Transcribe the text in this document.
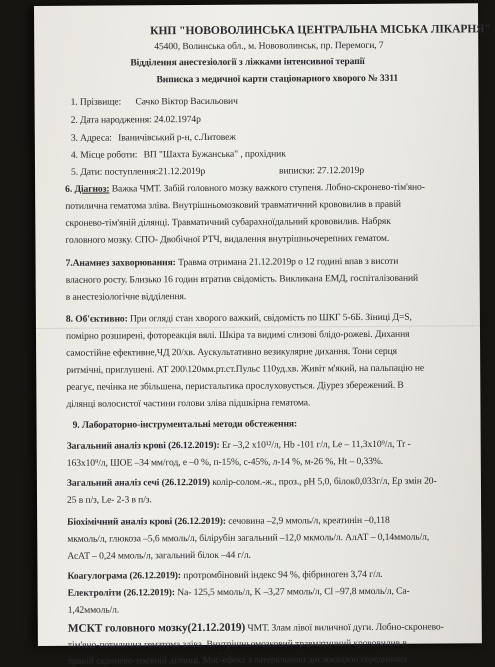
КНП "НОВОВОЛИНСЬКА ЦЕНТРАЛЬНА МІСЬКА ЛІКАРНЯ"
45400, Волинська обл., м. Нововолинськ, пр. Перемоги, 7
Відділення анестезіології з ліжками інтенсивної терапії
Виписка з медичної карти стаціонарного хворого № 3311
1. Прізвище: Сачко Віктор Васильович
2. Дата народження: 24.02.1974р
3. Адреса: Іваничівський р-н, с.Литовеж
4. Місце роботи: ВП "Шахта Бужанська" , прохідник
5. Дати: поступлення:21.12.2019р	виписки: 27.12.2019р
6. Діагноз: Важка ЧМТ. Забій головного мозку важкого ступеня. Лобно-скронево-тім'яно-
потилична гематома зліва. Внутрішньомозковий травматичний крововилив в правій
скронево-тім'яній ділянці. Травматичний субарахноїдальний крововилив. Набряк
головного мозку. СПО- Двобічної РТЧ, видалення внутрішньочерепних гематом.
7.Анамнез захворювання: Травма отримана 21.12.2019р о 12 годині впав з висоти
власного росту. Близько 16 годин втратив свідомість. Викликана ЕМД, госпіталізований
в анестезіологічне відділення.
8. Об'єктивно: При огляді стан хворого важкий, свідомість по ШКГ 5-6Б. Зіниці Д=S,
помірно розширені, фотореакція вялі. Шкіра та видимі слизові блідо-рожеві. Дихання
самостійне ефективне,ЧД 20/хв. Аускультативно везикулярне дихання. Тони серця
ритмічні, приглушені. АТ 200\120мм.рт.ст.Пульс 110уд.хв. Живіт м'який, на пальпацію не
реагує, печінка не збільшена, перистальтика прослуховується. Діурез збережений. В
ділянці волосистої частини голови зліва підшкірна гематома.
9. Лабораторно-інструментальні методи обстеження:
Загальний аналіз крові (26.12.2019): Er –3,2 х10¹²/л, Hb -101 г/л, Le – 11,3х10⁹/л, Tr -
163х10⁹/л, ШОЕ –34 мм/год, е –0 %, п-15%, с-45%, л-14 %, м-26 %, Ht – 0,33%.
Загальний аналіз сечі (26.12.2019) колір-солом.-ж., проз., рН 5,0, білок0,033г/л, Ер змін 20-
25 в п/з, Le- 2-3 в п/з.
Біохімічний аналіз крові (26.12.2019): сечовина –2,9 ммоль/л, креатинін –0,118
мкмоль/л, глюкоза –5,6 ммоль/л, білірубін загальний –12,0 мкмоль/л. АлАТ – 0,14ммоль/л,
АсАТ – 0,24 ммоль/л, загальний білок –44 г/л.
Коагулограма (26.12.2019): протромбіновий індекс 94 %, фібриноген 3,74 г/л.
Електроліти (26.12.2019): Na- 125,5 ммоль/л, K –3,27 ммоль/л, Cl –97,8 ммоль/л, Ca-
1,42ммоль/л.
МСКТ головного мозку(21.12.2019) ЧМТ. Злам лівої виличної дуги. Лобно-скронево-
тім'яно-потилична гематома зліва. Внутрішньомозковий травматичний крововилив в
правій скронево-тім'яній ділянці. Мас-ефект з латеральною дислокацією серединних
